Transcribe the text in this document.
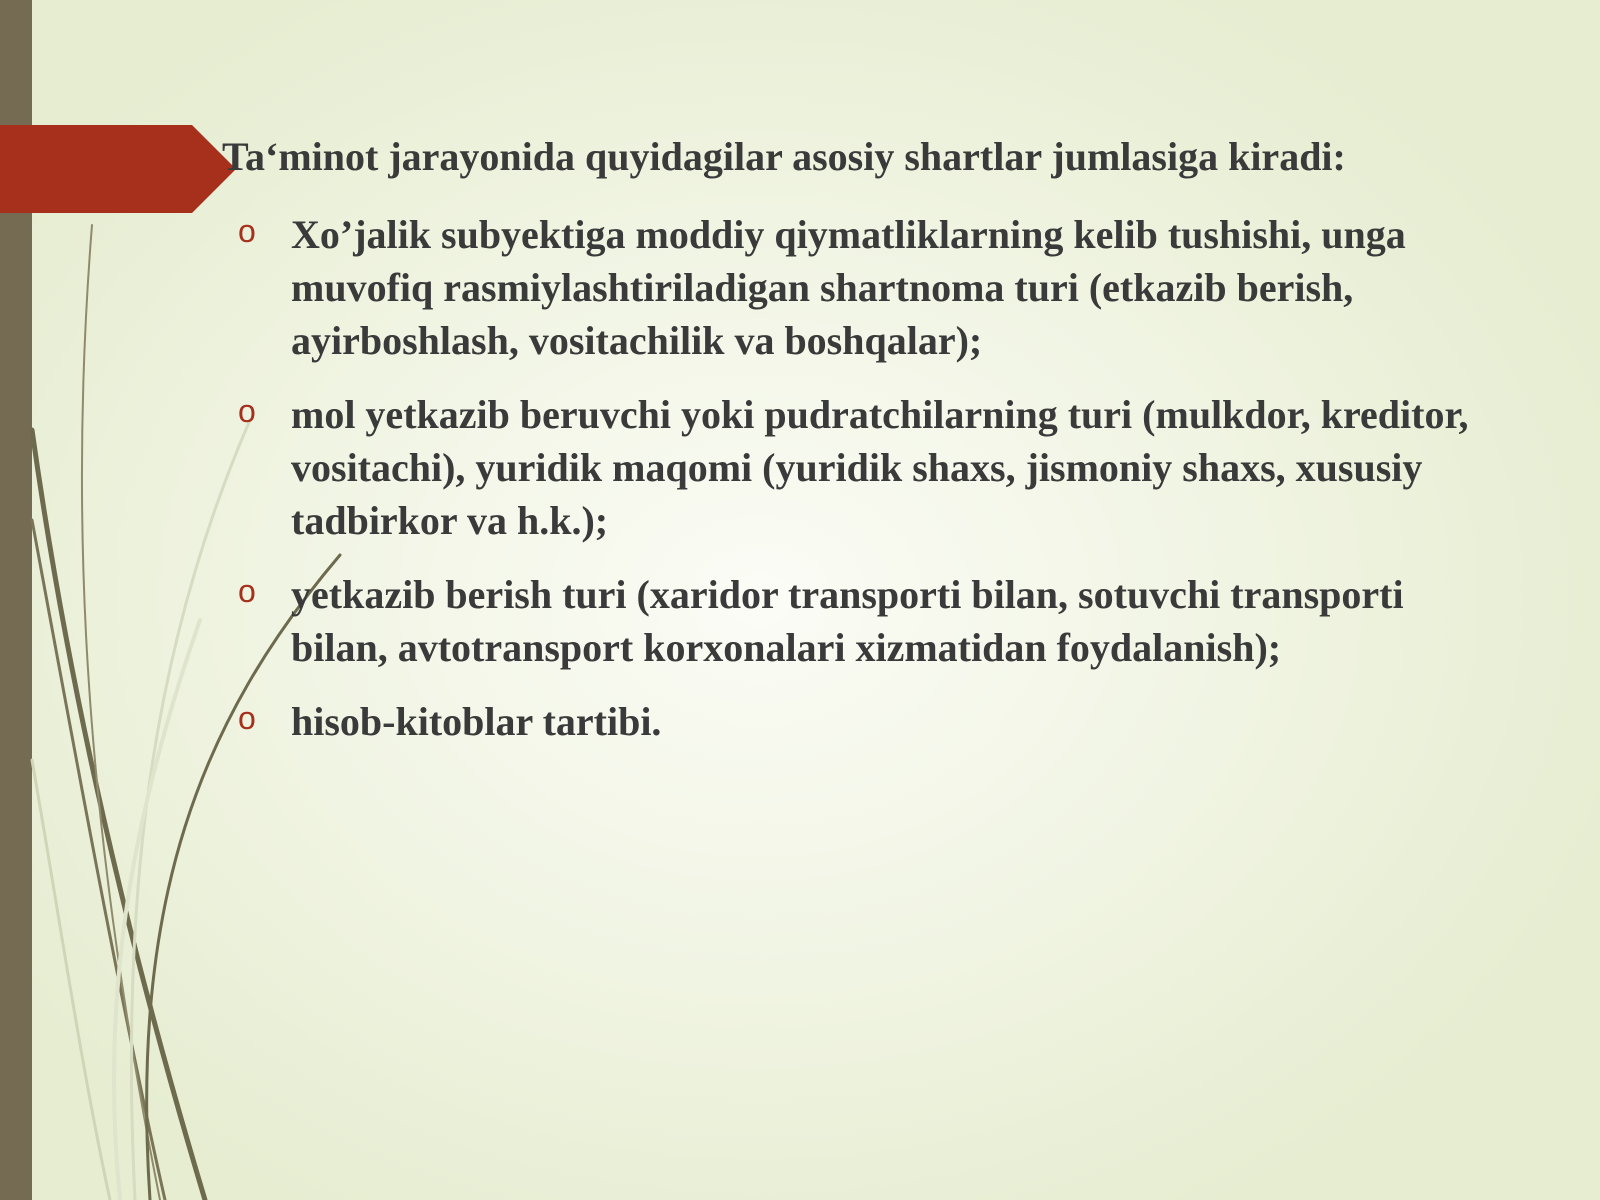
Ta‘minot jarayonida quyidagilar asosiy shartlar jumlasiga kiradi:
o Xo’jalik subyektiga moddiy qiymatliklarning kelib tushishi, unga muvofiq rasmiylashtiriladigan shartnoma turi (etkazib berish, ayirboshlash, vositachilik va boshqalar);
o mol yetkazib beruvchi yoki pudratchilarning turi (mulkdor, kreditor, vositachi), yuridik maqomi (yuridik shaxs, jismoniy shaxs, xususiy tadbirkor va h.k.);
o yetkazib berish turi (xaridor transporti bilan, sotuvchi transporti bilan, avtotransport korxonalari xizmatidan foydalanish);
o hisob-kitoblar tartibi.
